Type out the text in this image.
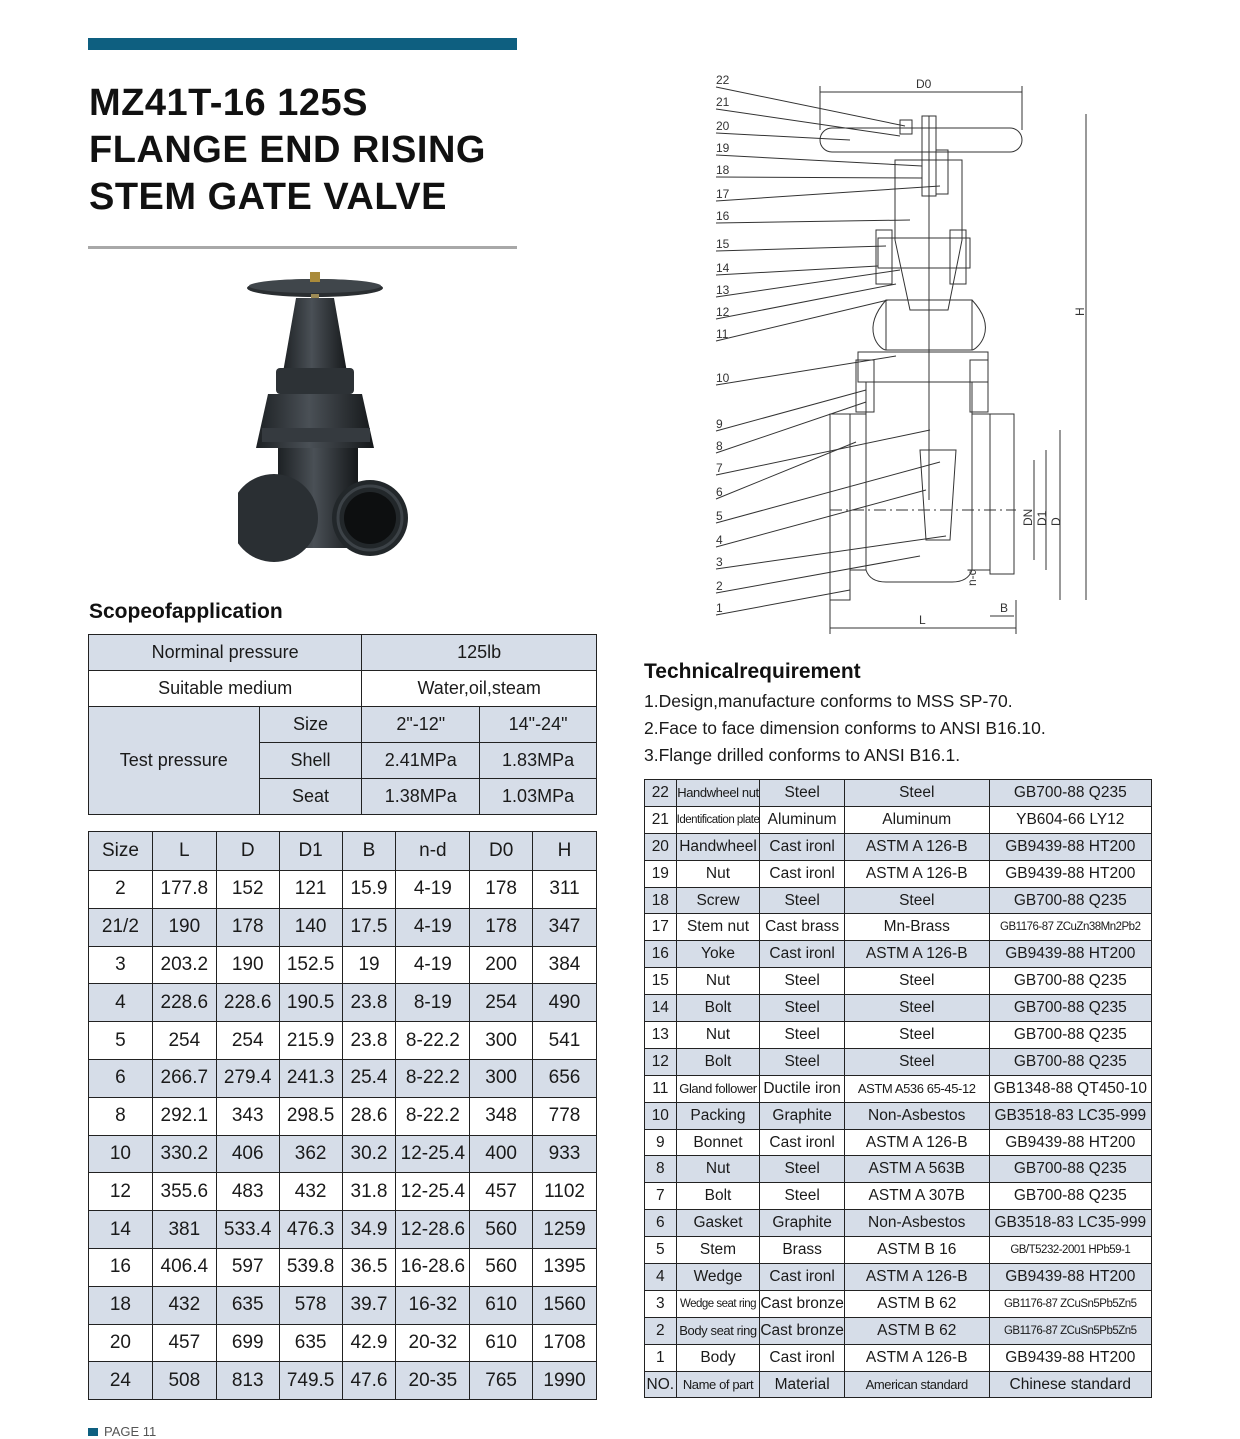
MZ41T-16 125S
FLANGE END RISING
STEM GATE VALVE
Scopeofapplication
Norminal pressure		125lb	
Suitable medium		Water,oil,steam	
Test pressure	Size	2"-12"	14"-24"
	Shell	2.41MPa	1.83MPa
	Seat	1.38MPa	1.03MPa
Size	L	D	D1	B	n-d	D0	H
2	177.8	152	121	15.9	4-19	178	311
21/2	190	178	140	17.5	4-19	178	347
3	203.2	190	152.5	19	4-19	200	384
4	228.6	228.6	190.5	23.8	8-19	254	490
5	254	254	215.9	23.8	8-22.2	300	541
6	266.7	279.4	241.3	25.4	8-22.2	300	656
8	292.1	343	298.5	28.6	8-22.2	348	778
10	330.2	406	362	30.2	12-25.4	400	933
12	355.6	483	432	31.8	12-25.4	457	1102
14	381	533.4	476.3	34.9	12-28.6	560	1259
16	406.4	597	539.8	36.5	16-28.6	560	1395
18	432	635	578	39.7	16-32	610	1560
20	457	699	635	42.9	20-32	610	1708
24	508	813	749.5	47.6	20-35	765	1990
Technicalrequirement
1.Design,manufacture conforms to MSS SP-70.
2.Face to face dimension conforms to ANSI B16.10.
3.Flange drilled conforms to ANSI B16.1.
22	Handwheel nut	Steel	Steel	GB700-88 Q235
21	Identification plate	Aluminum	Aluminum	YB604-66 LY12
20	Handwheel	Cast ironl	ASTM A 126-B	GB9439-88 HT200
19	Nut	Cast ironl	ASTM A 126-B	GB9439-88 HT200
18	Screw	Steel	Steel	GB700-88 Q235
17	Stem nut	Cast brass	Mn-Brass	GB1176-87 ZCuZn38Mn2Pb2
16	Yoke	Cast ironl	ASTM A 126-B	GB9439-88 HT200
15	Nut	Steel	Steel	GB700-88 Q235
14	Bolt	Steel	Steel	GB700-88 Q235
13	Nut	Steel	Steel	GB700-88 Q235
12	Bolt	Steel	Steel	GB700-88 Q235
11	Gland follower	Ductile iron	ASTM A536 65-45-12	GB1348-88 QT450-10
10	Packing	Graphite	Non-Asbestos	GB3518-83 LC35-999
9	Bonnet	Cast ironl	ASTM A 126-B	GB9439-88 HT200
8	Nut	Steel	ASTM A 563B	GB700-88 Q235
7	Bolt	Steel	ASTM A 307B	GB700-88 Q235
6	Gasket	Graphite	Non-Asbestos	GB3518-83 LC35-999
5	Stem	Brass	ASTM B 16	GB/T5232-2001 HPb59-1
4	Wedge	Cast ironl	ASTM A 126-B	GB9439-88 HT200
3	Wedge seat ring	Cast bronze	ASTM B 62	GB1176-87 ZCuSn5Pb5Zn5
2	Body seat ring	Cast bronze	ASTM B 62	GB1176-87 ZCuSn5Pb5Zn5
1	Body	Cast ironl	ASTM A 126-B	GB9439-88 HT200
NO.	Name of part	Material	American standard	Chinese standard
22
21
20
19
18
17
16
15
14
13
12
11
10
9
8
7
6
5
4
3
2
1
D0
H
DN D1 D
n-d
L
B
PAGE 11
